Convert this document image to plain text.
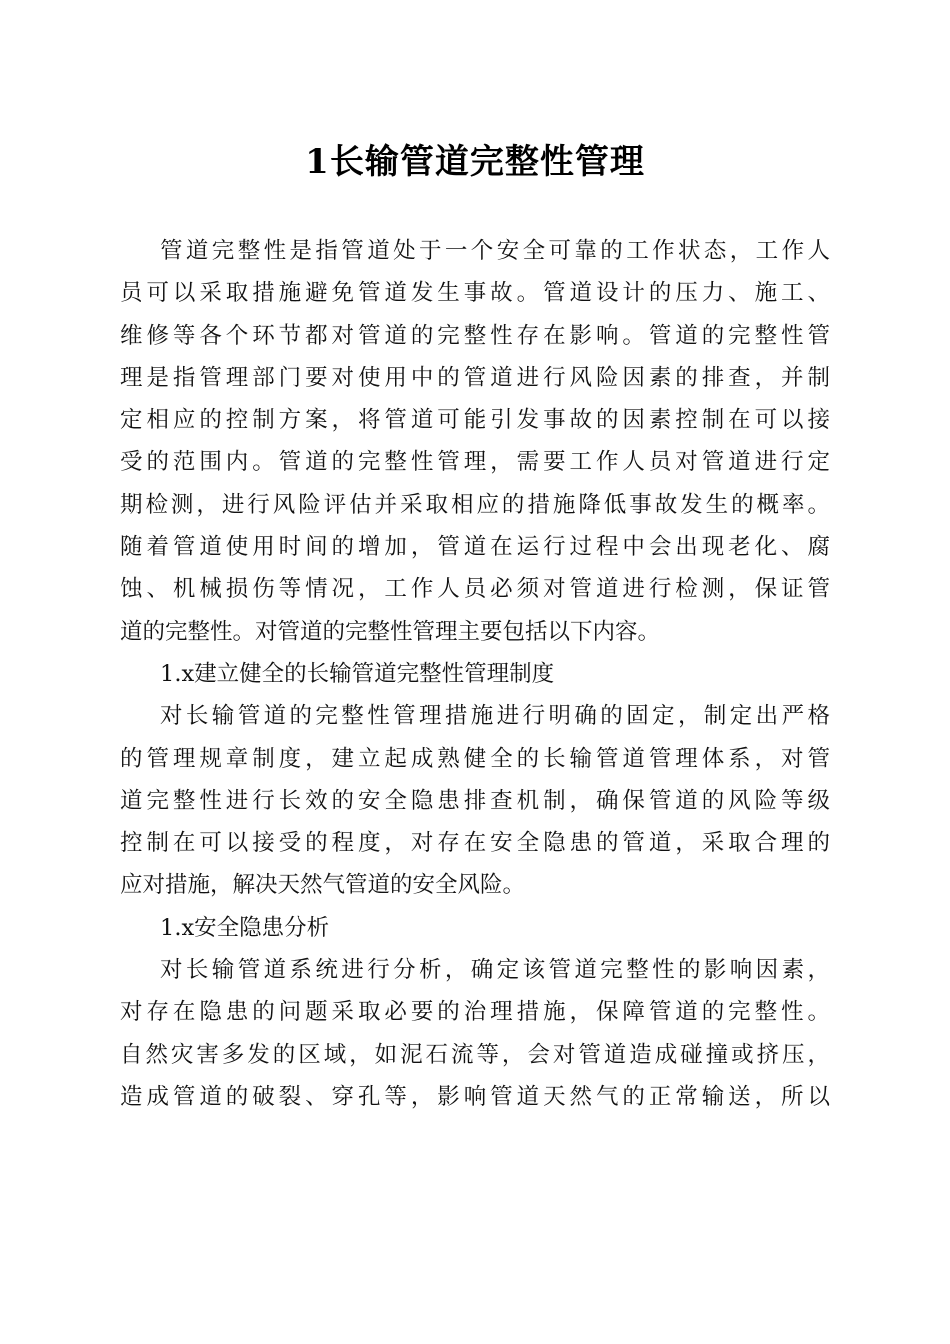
1长输管道完整性管理
管道完整性是指管道处于一个安全可靠的工作状态，工作人
员可以采取措施避免管道发生事故。管道设计的压力、施工、
维修等各个环节都对管道的完整性存在影响。管道的完整性管
理是指管理部门要对使用中的管道进行风险因素的排查，并制
定相应的控制方案，将管道可能引发事故的因素控制在可以接
受的范围内。管道的完整性管理，需要工作人员对管道进行定
期检测，进行风险评估并采取相应的措施降低事故发生的概率。
随着管道使用时间的增加，管道在运行过程中会出现老化、腐
蚀、机械损伤等情况，工作人员必须对管道进行检测，保证管
道的完整性。对管道的完整性管理主要包括以下内容。
1.x建立健全的长输管道完整性管理制度
对长输管道的完整性管理措施进行明确的固定，制定出严格
的管理规章制度，建立起成熟健全的长输管道管理体系，对管
道完整性进行长效的安全隐患排查机制，确保管道的风险等级
控制在可以接受的程度，对存在安全隐患的管道，采取合理的
应对措施，解决天然气管道的安全风险。
1.x安全隐患分析
对长输管道系统进行分析，确定该管道完整性的影响因素，
对存在隐患的问题采取必要的治理措施，保障管道的完整性。
自然灾害多发的区域，如泥石流等，会对管道造成碰撞或挤压，
造成管道的破裂、穿孔等，影响管道天然气的正常输送，所以
